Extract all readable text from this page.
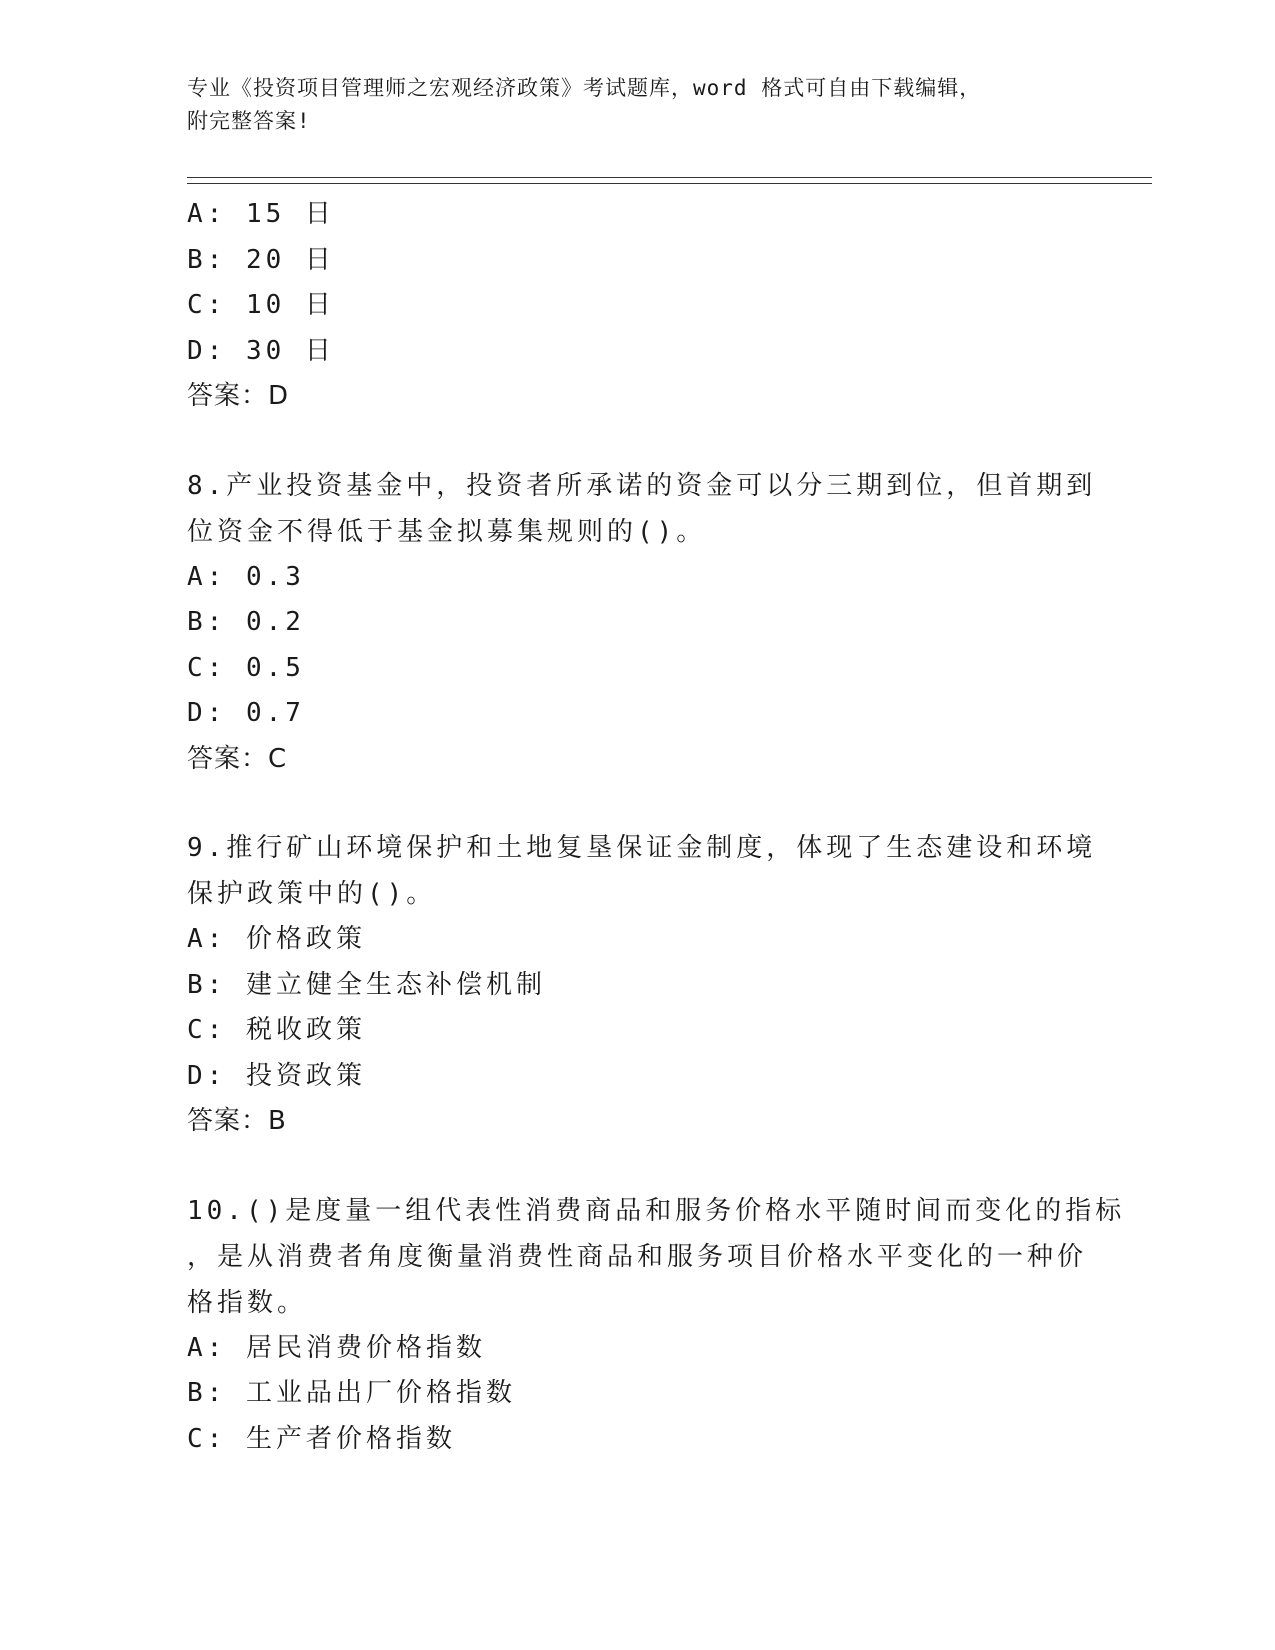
专业《投资项目管理师之宏观经济政策》考试题库，word 格式可自由下载编辑，
附完整答案!
A: 15 日
B: 20 日
C: 10 日
D: 30 日
答案：D
8.产业投资基金中，投资者所承诺的资金可以分三期到位，但首期到
位资金不得低于基金拟募集规则的()。
A: 0.3
B: 0.2
C: 0.5
D: 0.7
答案：C
9.推行矿山环境保护和土地复垦保证金制度，体现了生态建设和环境
保护政策中的()。
A: 价格政策
B: 建立健全生态补偿机制
C: 税收政策
D: 投资政策
答案：B
10.()是度量一组代表性消费商品和服务价格水平随时间而变化的指标
，是从消费者角度衡量消费性商品和服务项目价格水平变化的一种价
格指数。
A: 居民消费价格指数
B: 工业品出厂价格指数
C: 生产者价格指数
